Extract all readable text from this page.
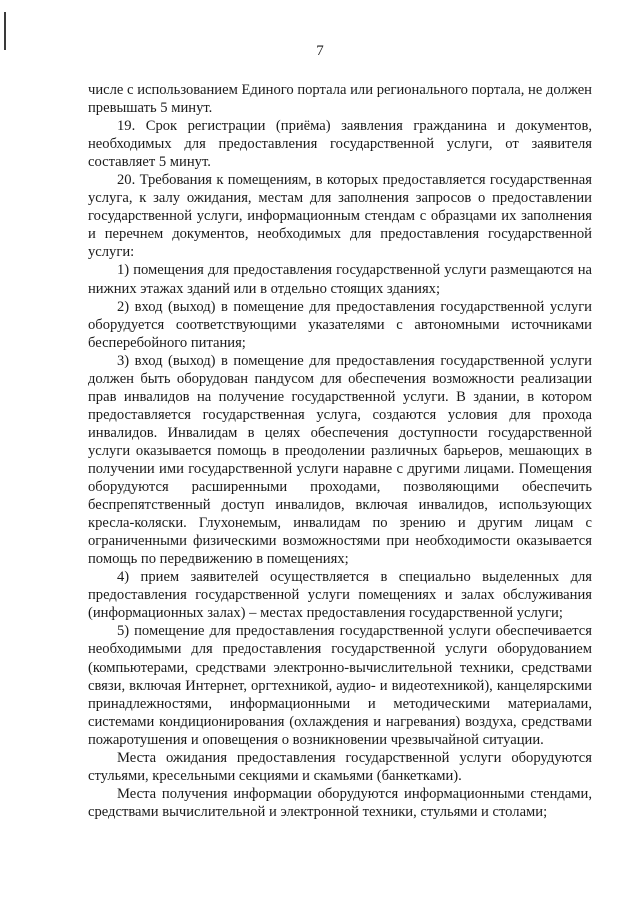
7

числе с использованием Единого портала или регионального портала, не должен превышать 5 минут.

19. Срок регистрации (приёма) заявления гражданина и документов, необходимых для предоставления государственной услуги, от заявителя составляет 5 минут.

20. Требования к помещениям, в которых предоставляется государственная услуга, к залу ожидания, местам для заполнения запросов о предоставлении государственной услуги, информационным стендам с образцами их заполнения и перечнем документов, необходимых для предоставления государственной услуги:

1) помещения для предоставления государственной услуги размещаются на нижних этажах зданий или в отдельно стоящих зданиях;

2) вход (выход) в помещение для предоставления государственной услуги оборудуется соответствующими указателями с автономными источниками бесперебойного питания;

3) вход (выход) в помещение для предоставления государственной услуги должен быть оборудован пандусом для обеспечения возможности реализации прав инвалидов на получение государственной услуги. В здании, в котором предоставляется государственная услуга, создаются условия для прохода инвалидов. Инвалидам в целях обеспечения доступности государственной услуги оказывается помощь в преодолении различных барьеров, мешающих в получении ими государственной услуги наравне с другими лицами. Помещения оборудуются расширенными проходами, позволяющими обеспечить беспрепятственный доступ инвалидов, включая инвалидов, использующих кресла-коляски. Глухонемым, инвалидам по зрению и другим лицам с ограниченными физическими возможностями при необходимости оказывается помощь по передвижению в помещениях;

4) прием заявителей осуществляется в специально выделенных для предоставления государственной услуги помещениях и залах обслуживания (информационных залах) – местах предоставления государственной услуги;

5) помещение для предоставления государственной услуги обеспечивается необходимыми для предоставления государственной услуги оборудованием (компьютерами, средствами электронно-вычислительной техники, средствами связи, включая Интернет, оргтехникой, аудио- и видеотехникой), канцелярскими принадлежностями, информационными и методическими материалами, системами кондиционирования (охлаждения и нагревания) воздуха, средствами пожаротушения и оповещения о возникновении чрезвычайной ситуации.

Места ожидания предоставления государственной услуги оборудуются стульями, кресельными секциями и скамьями (банкетками).

Места получения информации оборудуются информационными стендами, средствами вычислительной и электронной техники, стульями и столами;
